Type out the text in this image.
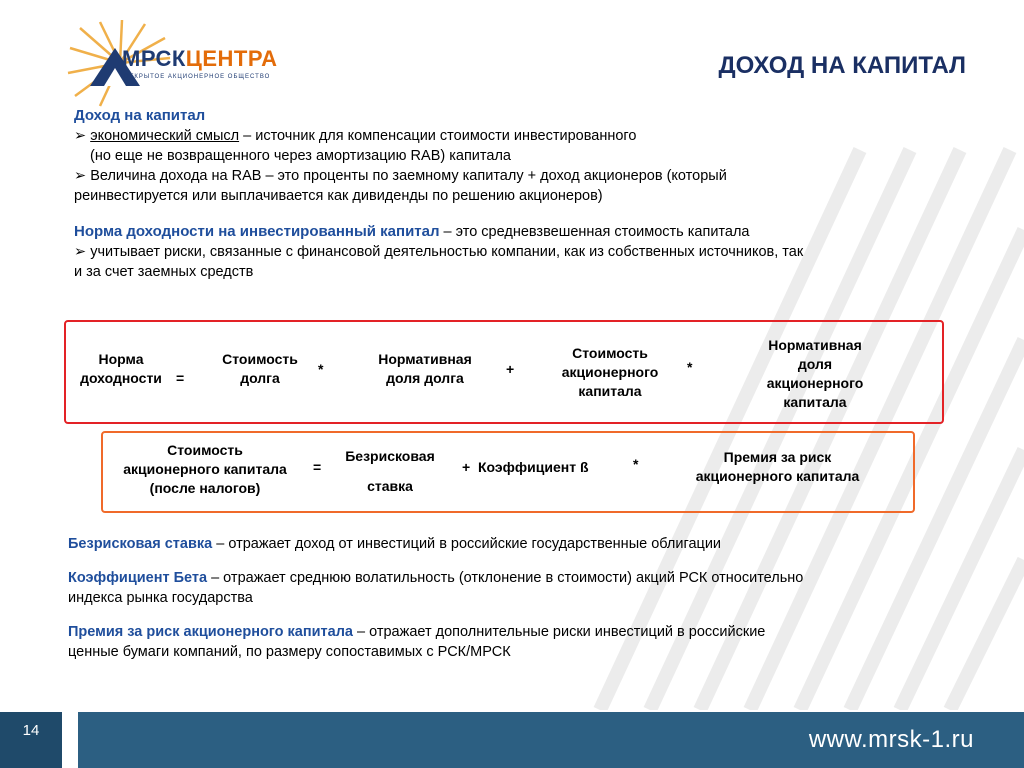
МРСКЦЕНТРА
ОТКРЫТОЕ АКЦИОНЕРНОЕ ОБЩЕСТВО	ДОХОД НА КАПИТАЛ
Доход на капитал
➢ экономический смысл – источник для компенсации стоимости инвестированного
(но еще не возвращенного через амортизацию RAB) капитала
➢ Величина дохода на RAB – это проценты по заемному капиталу + доход акционеров (который
реинвестируется или выплачивается как дивиденды по решению акционеров)
Норма доходности на инвестированный капитал – это средневзвешенная стоимость капитала
➢ учитывает риски, связанные с финансовой деятельностью компании, как из собственных источников, так
и за счет заемных средств
Норма
доходности	=
Стоимость
долга
*
Нормативная
доля долга
+
Стоимость
акционерного
капитала
*
Нормативная
доля
акционерного
капитала
Стоимость
акционерного капитала
(после налогов)
=
Безрисковая
ставка
+ Коэффициент ß	*	Премия за риск
акционерного капитала

Безрисковая ставка – отражает доход от инвестиций в российские государственные облигации

Коэффициент Бета – отражает среднюю волатильность (отклонение в стоимости) акций РСК относительно
индекса рынка государства

Премия за риск акционерного капитала – отражает дополнительные риски инвестиций в российские
ценные бумаги компаний, по размеру сопоставимых с РСК/МРСК

14	www.mrsk-1.ru
